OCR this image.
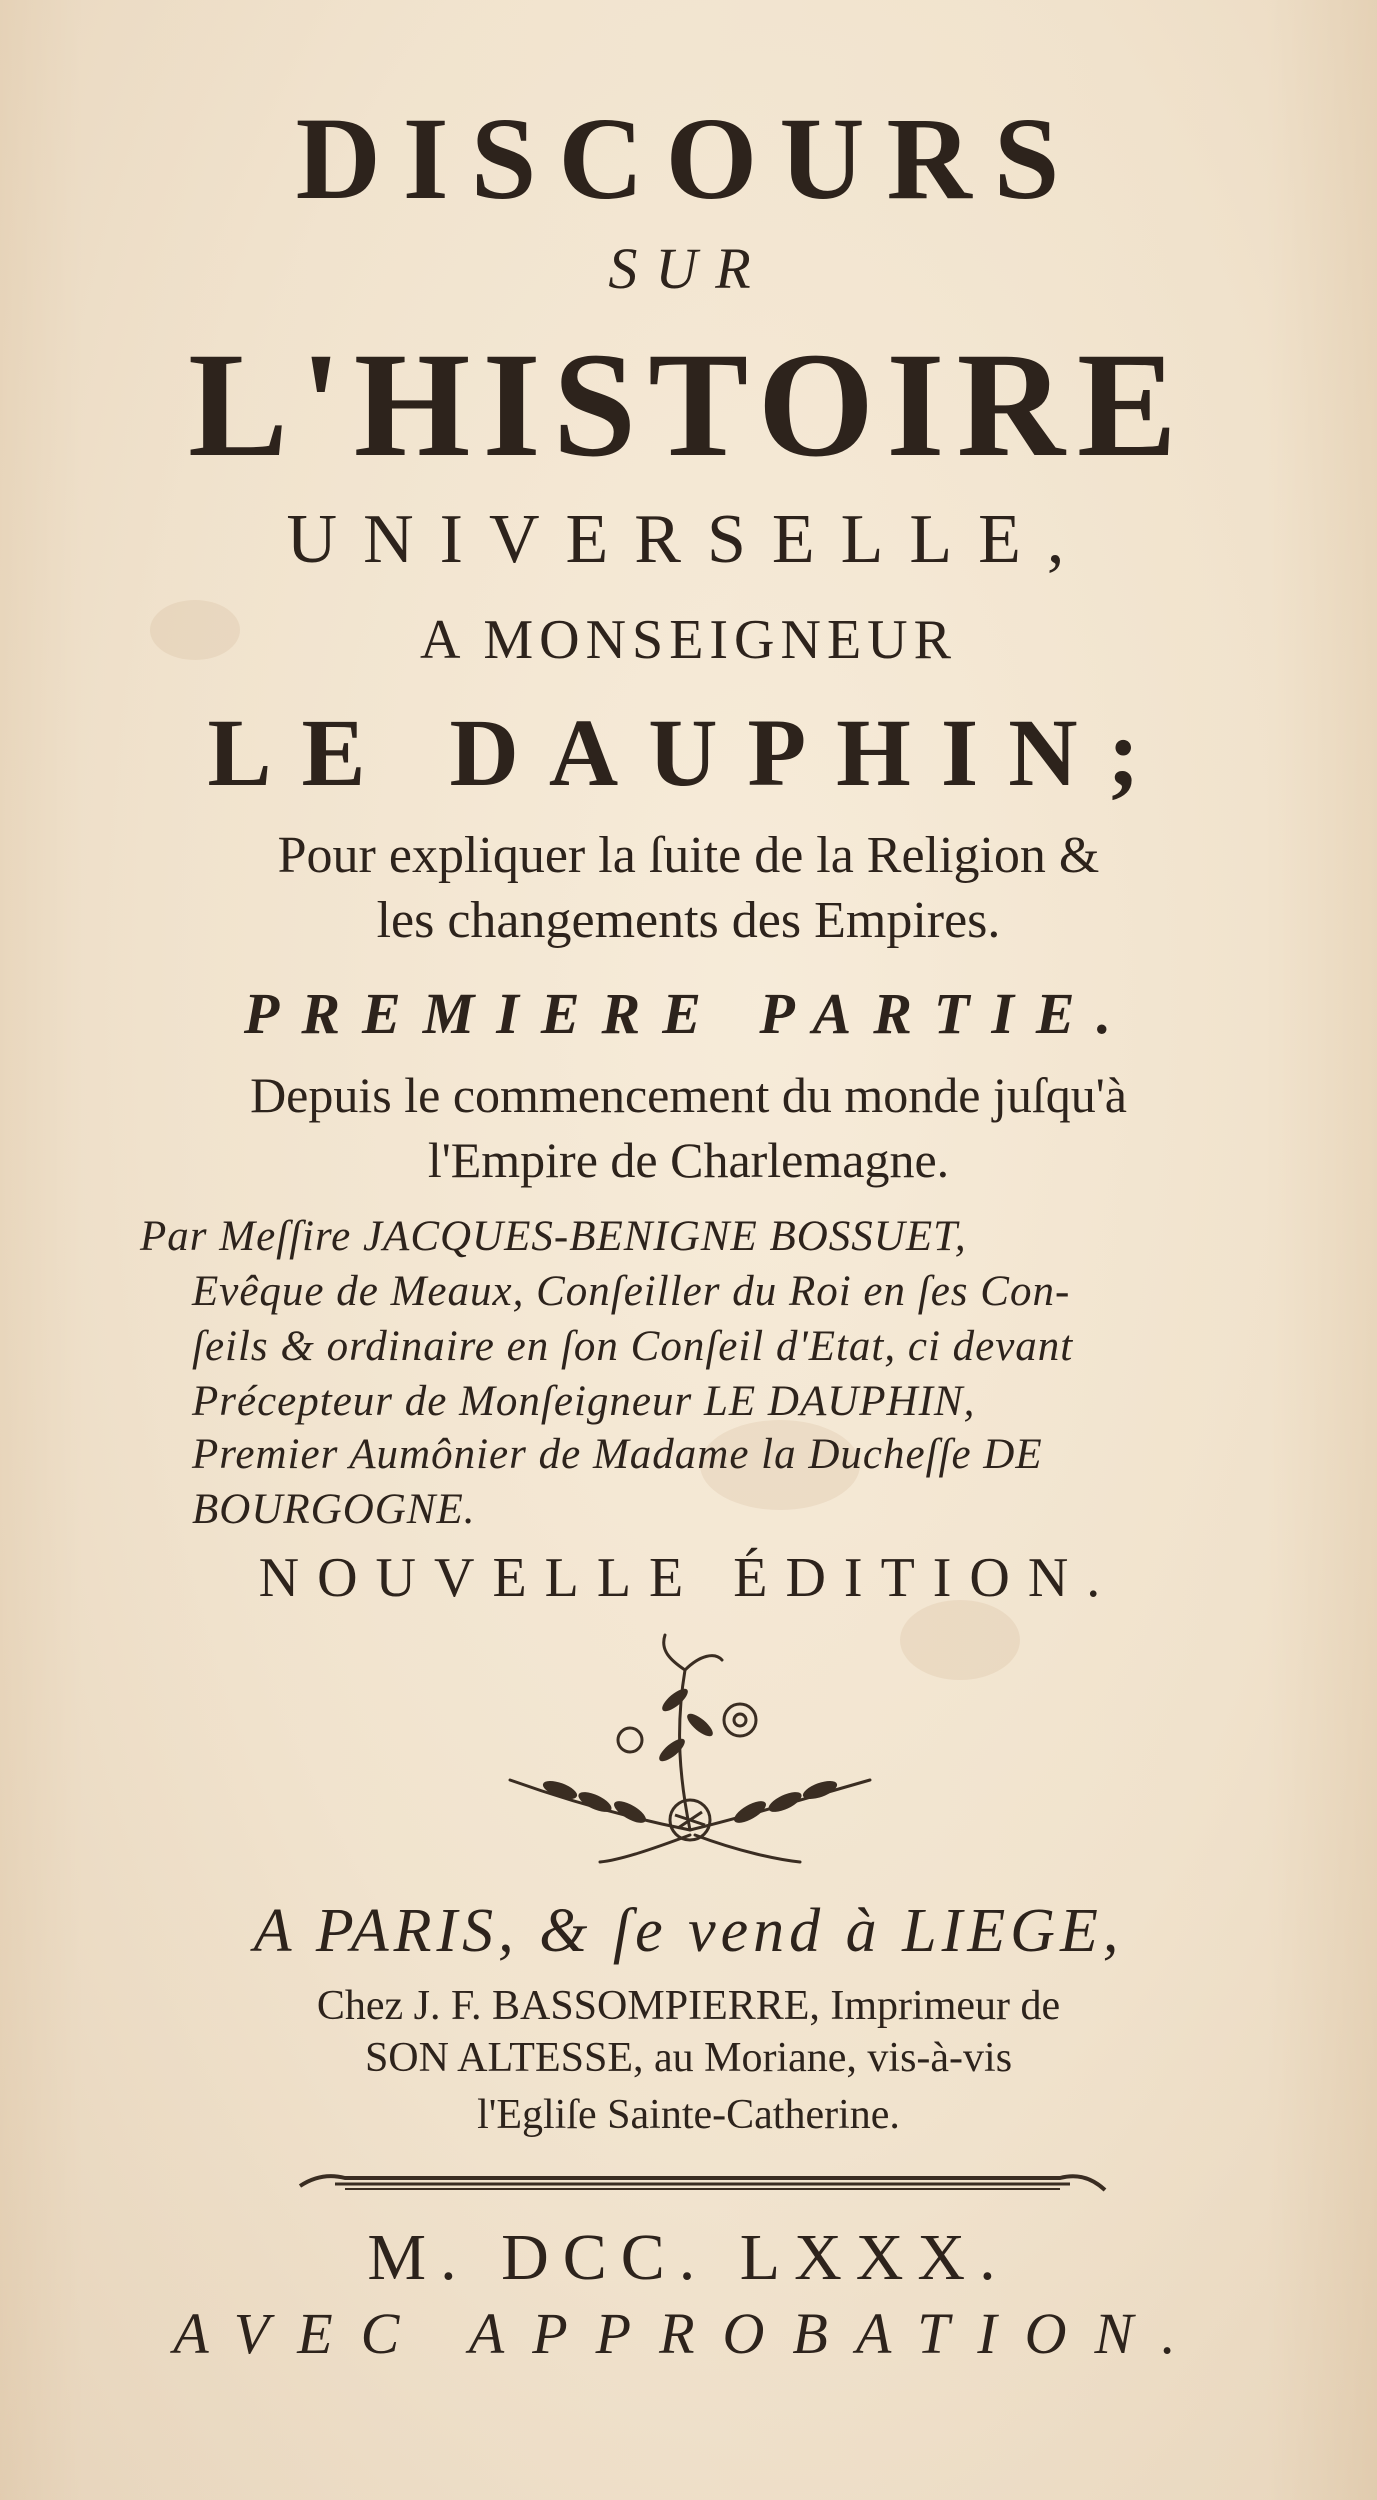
DISCOURS
SUR
L'HISTOIRE
UNIVERSELLE,
A MONSEIGNEUR
LE DAUPHIN;
Pour expliquer la ſuite de la Religion &
les changements des Empires.
PREMIERE PARTIE.
Depuis le commencement du monde juſqu'à
l'Empire de Charlemagne.
Par Meſſire JACQUES-BENIGNE BOSSUET,
Evêque de Meaux, Conſeiller du Roi en ſes Con-
ſeils & ordinaire en ſon Conſeil d'Etat, ci devant
Précepteur de Monſeigneur LE DAUPHIN,
Premier Aumônier de Madame la Ducheſſe DE
BOURGOGNE.
NOUVELLE ÉDITION.
A PARIS, & ſe vend à LIEGE,
Chez J. F. BASSOMPIERRE, Imprimeur de
SON ALTESSE, au Moriane, vis-à-vis
l'Egliſe Sainte-Catherine.
M. DCC. LXXX.
AVEC APPROBATION.
